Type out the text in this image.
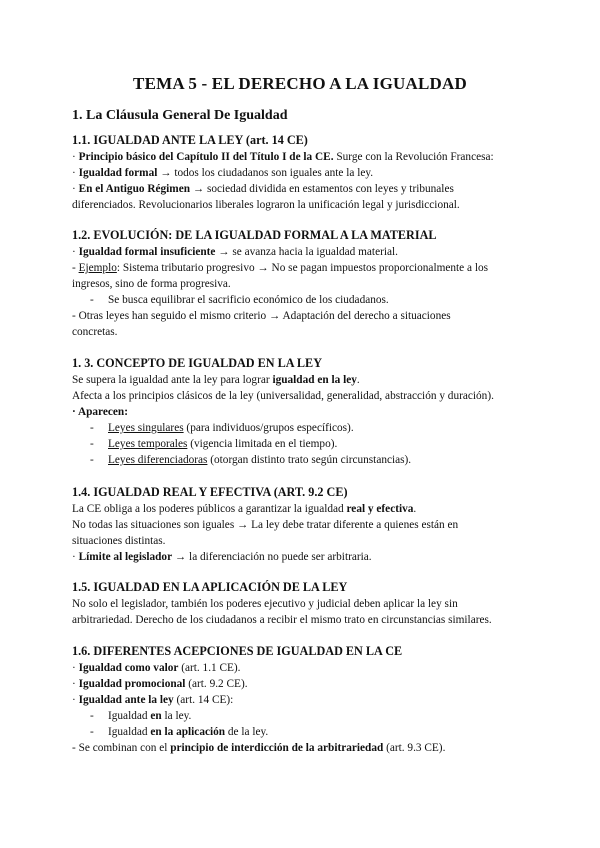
TEMA 5 - EL DERECHO A LA IGUALDAD
1. La Cláusula General De Igualdad
1.1. IGUALDAD ANTE LA LEY (art. 14 CE)
· Principio básico del Capítulo II del Título I de la CE. Surge con la Revolución Francesa:
· Igualdad formal → todos los ciudadanos son iguales ante la ley.
· En el Antiguo Régimen → sociedad dividida en estamentos con leyes y tribunales
diferenciados. Revolucionarios liberales lograron la unificación legal y jurisdiccional.
1.2. EVOLUCIÓN: DE LA IGUALDAD FORMAL A LA MATERIAL
· Igualdad formal insuficiente → se avanza hacia la igualdad material.
- Ejemplo: Sistema tributario progresivo → No se pagan impuestos proporcionalmente a los
ingresos, sino de forma progresiva.
- Se busca equilibrar el sacrificio económico de los ciudadanos.
- Otras leyes han seguido el mismo criterio → Adaptación del derecho a situaciones
concretas.
1. 3. CONCEPTO DE IGUALDAD EN LA LEY
Se supera la igualdad ante la ley para lograr igualdad en la ley.
Afecta a los principios clásicos de la ley (universalidad, generalidad, abstracción y duración).
· Aparecen:
- Leyes singulares (para individuos/grupos específicos).
- Leyes temporales (vigencia limitada en el tiempo).
- Leyes diferenciadoras (otorgan distinto trato según circunstancias).
1.4. IGUALDAD REAL Y EFECTIVA (ART. 9.2 CE)
La CE obliga a los poderes públicos a garantizar la igualdad real y efectiva.
No todas las situaciones son iguales → La ley debe tratar diferente a quienes están en
situaciones distintas.
· Límite al legislador → la diferenciación no puede ser arbitraria.
1.5. IGUALDAD EN LA APLICACIÓN DE LA LEY
No solo el legislador, también los poderes ejecutivo y judicial deben aplicar la ley sin
arbitrariedad. Derecho de los ciudadanos a recibir el mismo trato en circunstancias similares.
1.6. DIFERENTES ACEPCIONES DE IGUALDAD EN LA CE
· Igualdad como valor (art. 1.1 CE).
· Igualdad promocional (art. 9.2 CE).
· Igualdad ante la ley (art. 14 CE):
- Igualdad en la ley.
- Igualdad en la aplicación de la ley.
- Se combinan con el principio de interdicción de la arbitrariedad (art. 9.3 CE).
